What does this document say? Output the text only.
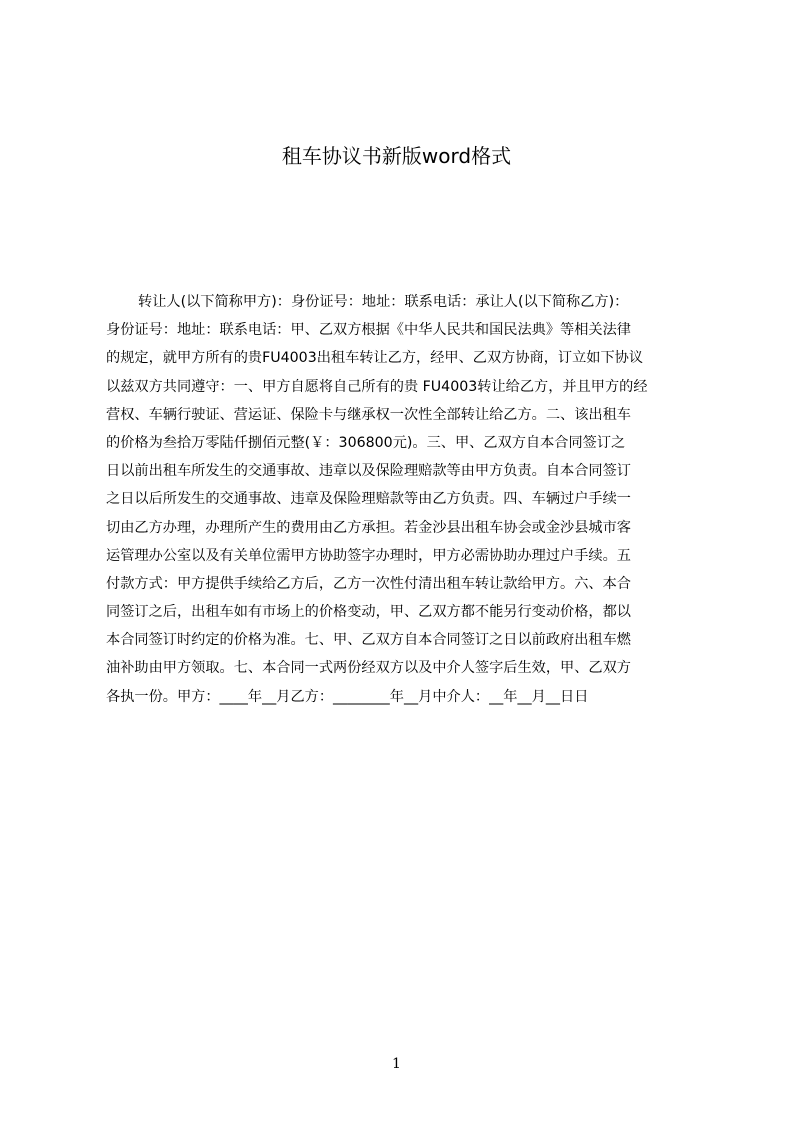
租车协议书新版word格式
转让人(以下简称甲方)：身份证号：地址：联系电话：承让人(以下简称乙方)：
身份证号：地址：联系电话：甲、乙双方根据《中华人民共和国民法典》等相关法律
的规定，就甲方所有的贵FU4003出租车转让乙方，经甲、乙双方协商，订立如下协议
以兹双方共同遵守：一、甲方自愿将自己所有的贵 FU4003转让给乙方，并且甲方的经
营权、车辆行驶证、营运证、保险卡与继承权一次性全部转让给乙方。二、该出租车
的价格为叁拾万零陆仟捌佰元整(￥：306800元)。三、甲、乙双方自本合同签订之
日以前出租车所发生的交通事故、违章以及保险理赔款等由甲方负责。自本合同签订
之日以后所发生的交通事故、违章及保险理赔款等由乙方负责。四、车辆过户手续一
切由乙方办理，办理所产生的费用由乙方承担。若金沙县出租车协会或金沙县城市客
运管理办公室以及有关单位需甲方协助签字办理时，甲方必需协助办理过户手续。五
付款方式：甲方提供手续给乙方后，乙方一次性付清出租车转让款给甲方。六、本合
同签订之后，出租车如有市场上的价格变动，甲、乙双方都不能另行变动价格，都以
本合同签订时约定的价格为准。七、甲、乙双方自本合同签订之日以前政府出租车燃
油补助由甲方领取。七、本合同一式两份经双方以及中介人签字后生效，甲、乙双方
各执一份。甲方：____年__月乙方：________年__月中介人：__年__月__日日
1
